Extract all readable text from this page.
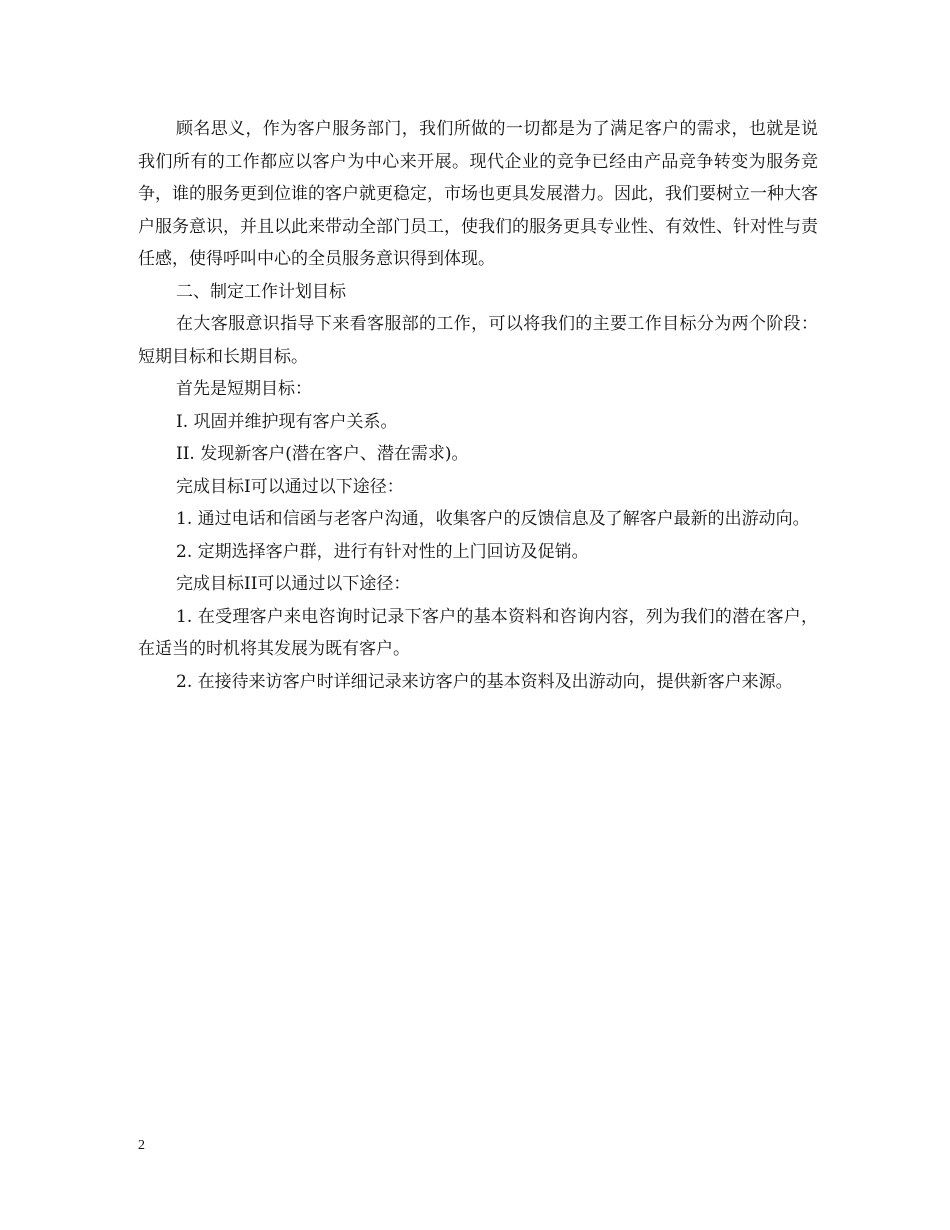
顾名思义，作为客户服务部门，我们所做的一切都是为了满足客户的需求，也就是说我们所有的工作都应以客户为中心来开展。现代企业的竞争已经由产品竞争转变为服务竞争，谁的服务更到位谁的客户就更稳定，市场也更具发展潜力。因此，我们要树立一种大客户服务意识，并且以此来带动全部门员工，使我们的服务更具专业性、有效性、针对性与责任感，使得呼叫中心的全员服务意识得到体现。

二、制定工作计划目标

在大客服意识指导下来看客服部的工作，可以将我们的主要工作目标分为两个阶段：短期目标和长期目标。

首先是短期目标：

I. 巩固并维护现有客户关系。

II. 发现新客户(潜在客户、潜在需求)。

完成目标I可以通过以下途径：

1. 通过电话和信函与老客户沟通，收集客户的反馈信息及了解客户最新的出游动向。

2. 定期选择客户群，进行有针对性的上门回访及促销。

完成目标II可以通过以下途径：

1. 在受理客户来电咨询时记录下客户的基本资料和咨询内容，列为我们的潜在客户，在适当的时机将其发展为既有客户。

2. 在接待来访客户时详细记录来访客户的基本资料及出游动向，提供新客户来源。

2
